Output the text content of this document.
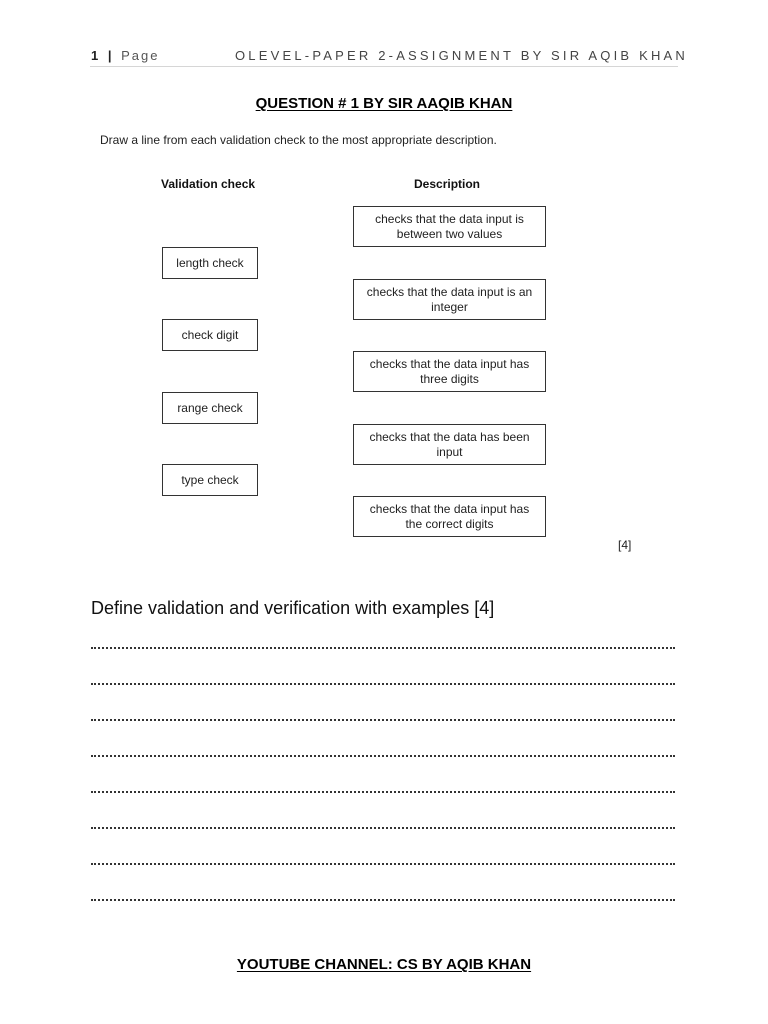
1 | Page	OLEVEL-PAPER 2-ASSIGNMENT BY SIR AQIB KHAN
QUESTION # 1 BY SIR AAQIB KHAN
Draw a line from each validation check to the most appropriate description.
Validation check	Description
length check
check digit
range check
type check
checks that the data input is between two values
checks that the data input is an integer
checks that the data input has three digits
checks that the data has been input
checks that the data input has the correct digits
[4]
Define validation and verification with examples [4]
YOUTUBE CHANNEL: CS BY AQIB KHAN
